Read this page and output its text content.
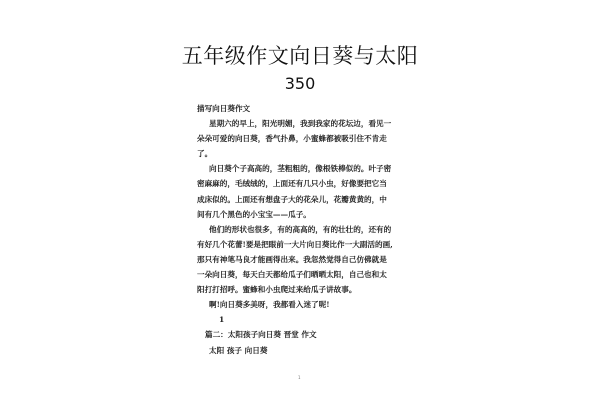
五年级作文向日葵与太阳
350
描写向日葵作文
星期六的早上，阳光明媚，我到我家的花坛边，看见一
朵朵可爱的向日葵，香气扑鼻，小蜜蜂都被吸引住不肯走
了。
向日葵个子高高的，茎粗粗的，像根铁棒似的。叶子密
密麻麻的，毛绒绒的，上面还有几只小虫，好像要把它当
成床似的。上面还有想盘子大的花朵儿，花瓣黄黄的，中
间有几个黑色的小宝宝——瓜子。
他们的形状也很多，有的高高的，有的壮壮的，还有的
有好几个花蕾!要是把眼前一大片向日葵比作一大副活的画,
那只有神笔马良才能画得出来。我忽然觉得自己仿佛就是
一朵向日葵，每天白天都给瓜子们晒晒太阳，自己也和太
阳打打招呼。蜜蜂和小虫爬过来给瓜子讲故事。
啊!向日葵多美呀，我都看入迷了呢!
1
篇二：太阳孩子向日葵 晋堂 作文
太阳 孩子 向日葵
1
